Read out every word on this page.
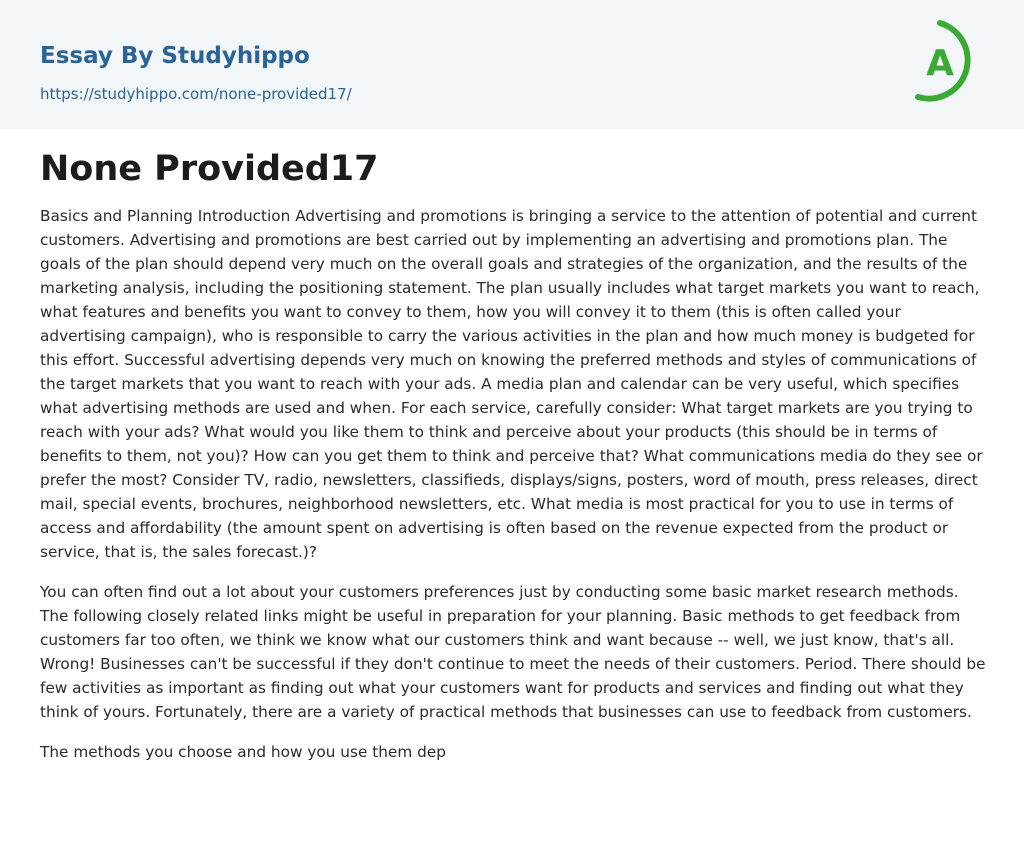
Essay By Studyhippo
https://studyhippo.com/none-provided17/
A
None Provided17

Basics and Planning Introduction Advertising and promotions is bringing a service to the attention of potential and current customers. Advertising and promotions are best carried out by implementing an advertising and promotions plan. The goals of the plan should depend very much on the overall goals and strategies of the organization, and the results of the marketing analysis, including the positioning statement. The plan usually includes what target markets you want to reach, what features and benefits you want to convey to them, how you will convey it to them (this is often called your advertising campaign), who is responsible to carry the various activities in the plan and how much money is budgeted for this effort. Successful advertising depends very much on knowing the preferred methods and styles of communications of the target markets that you want to reach with your ads. A media plan and calendar can be very useful, which specifies what advertising methods are used and when. For each service, carefully consider: What target markets are you trying to reach with your ads? What would you like them to think and perceive about your products (this should be in terms of benefits to them, not you)? How can you get them to think and perceive that? What communications media do they see or prefer the most? Consider TV, radio, newsletters, classifieds, displays/signs, posters, word of mouth, press releases, direct mail, special events, brochures, neighborhood newsletters, etc. What media is most practical for you to use in terms of access and affordability (the amount spent on advertising is often based on the revenue expected from the product or service, that is, the sales forecast.)?

You can often find out a lot about your customers preferences just by conducting some basic market research methods. The following closely related links might be useful in preparation for your planning. Basic methods to get feedback from customers far too often, we think we know what our customers think and want because -- well, we just know, that's all. Wrong! Businesses can't be successful if they don't continue to meet the needs of their customers. Period. There should be few activities as important as finding out what your customers want for products and services and finding out what they think of yours. Fortunately, there are a variety of practical methods that businesses can use to feedback from customers.

The methods you choose and how you use them dep
